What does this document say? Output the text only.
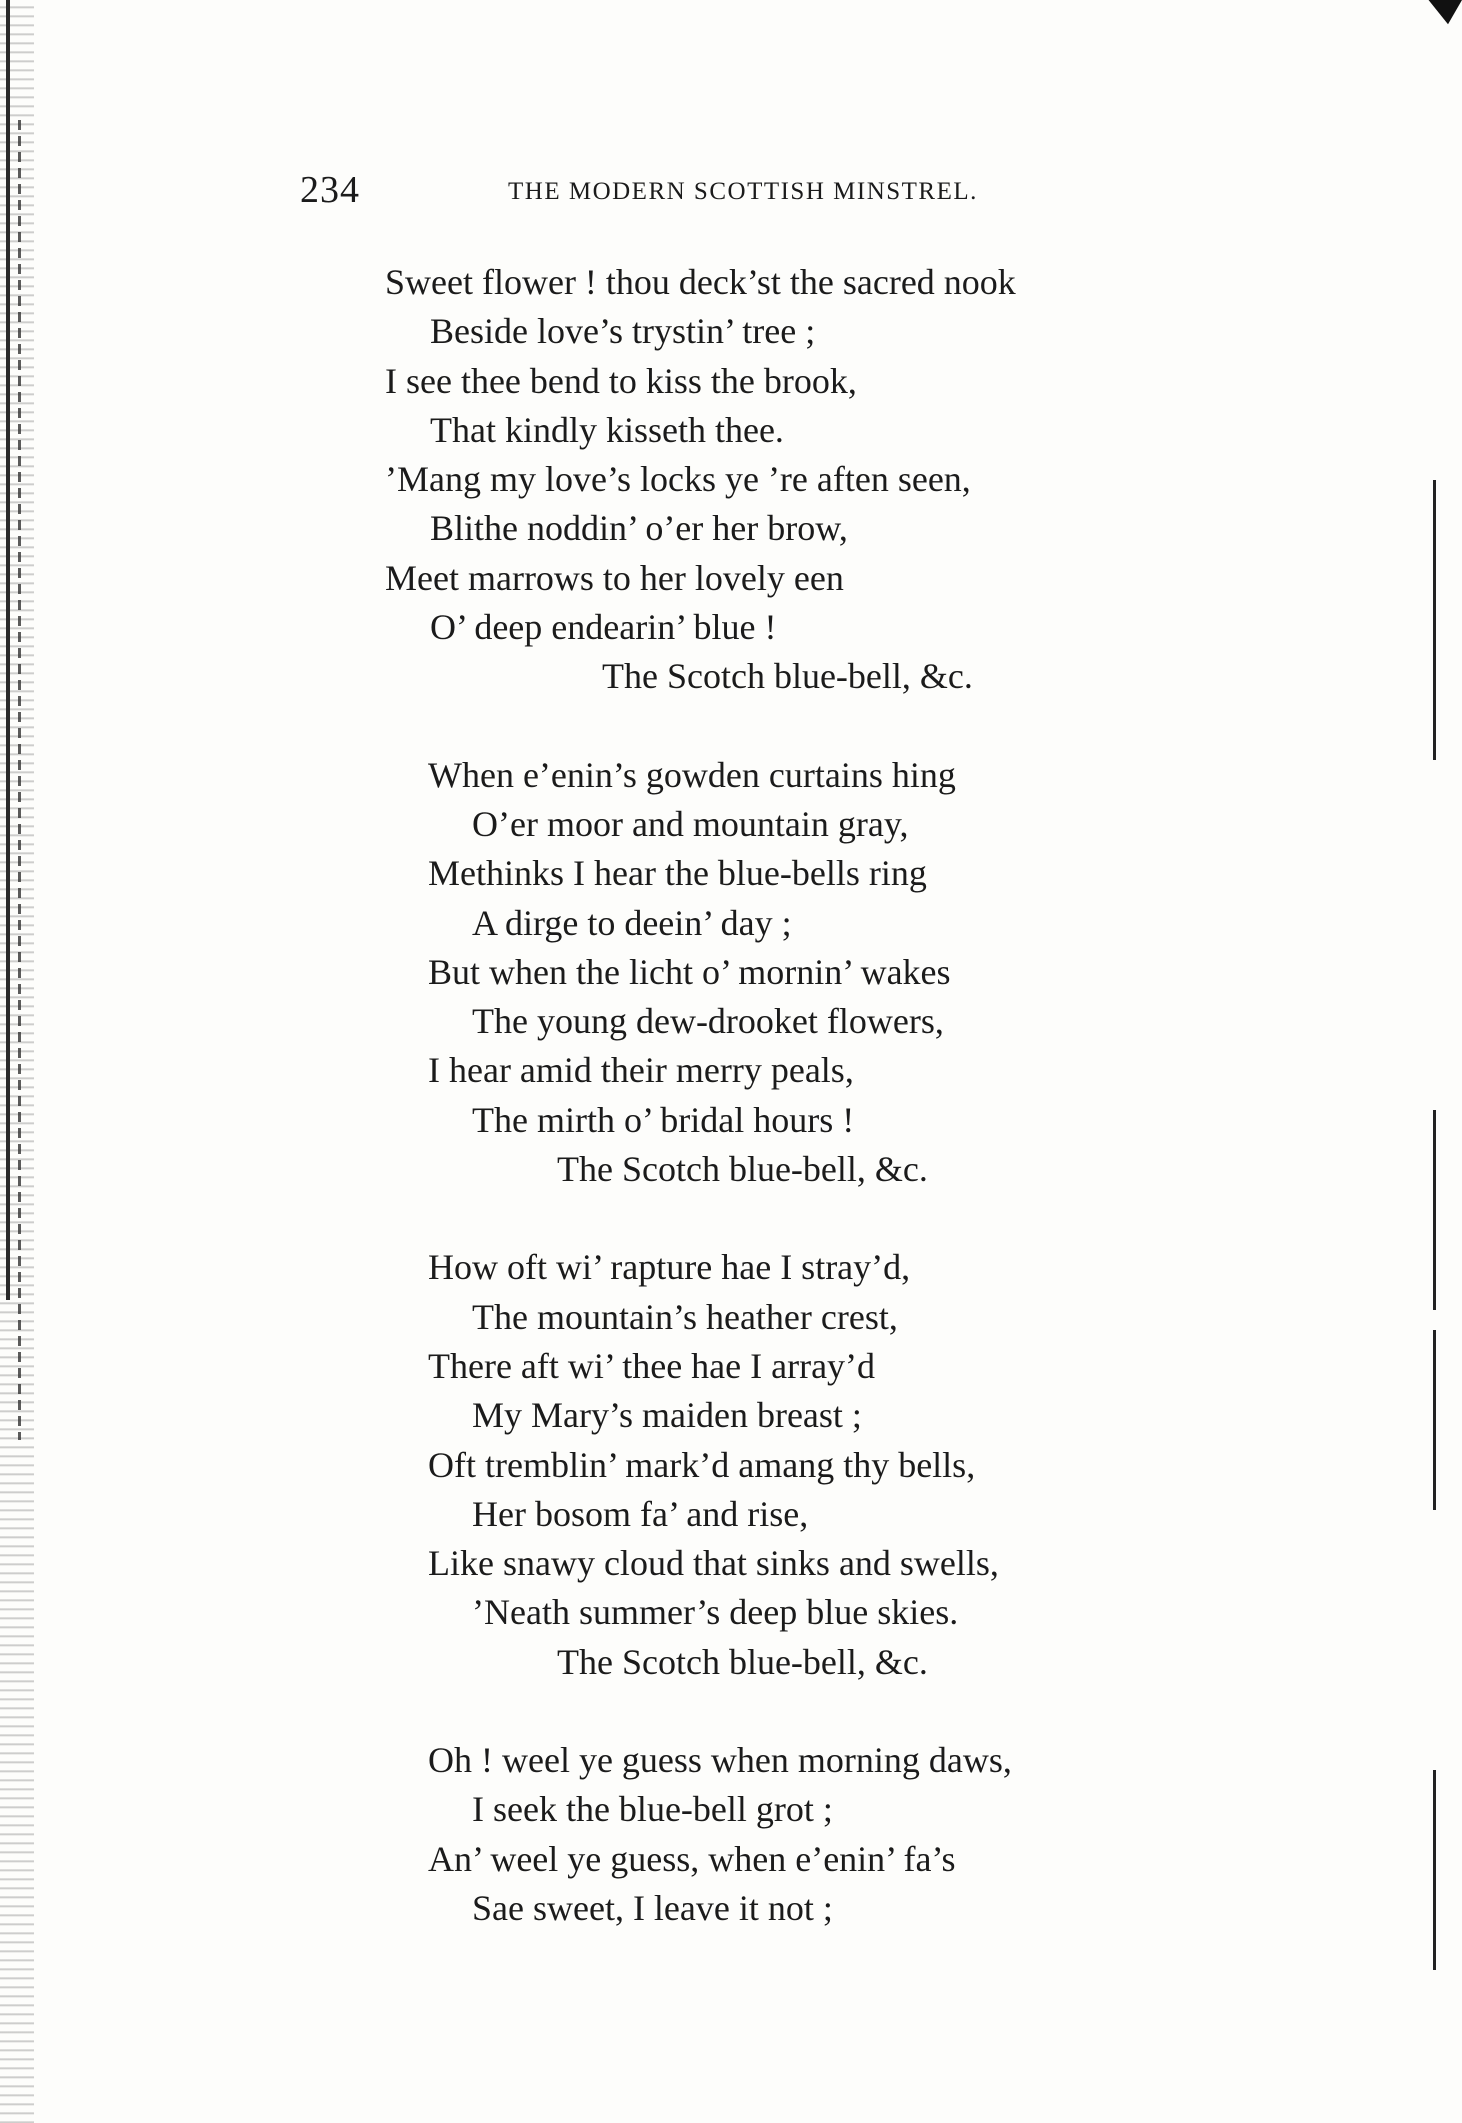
234	THE MODERN SCOTTISH MINSTREL.
Sweet flower ! thou deck’st the sacred nook
Beside love’s trystin’ tree ;
I see thee bend to kiss the brook,
That kindly kisseth thee.
’Mang my love’s locks ye ’re aften seen,
Blithe noddin’ o’er her brow,
Meet marrows to her lovely een
O’ deep endearin’ blue !
The Scotch blue-bell, &c.
When e’enin’s gowden curtains hing
O’er moor and mountain gray,
Methinks I hear the blue-bells ring
A dirge to deein’ day ;
But when the licht o’ mornin’ wakes
The young dew-drooket flowers,
I hear amid their merry peals,
The mirth o’ bridal hours !
The Scotch blue-bell, &c.
How oft wi’ rapture hae I stray’d,
The mountain’s heather crest,
There aft wi’ thee hae I array’d
My Mary’s maiden breast ;
Oft tremblin’ mark’d amang thy bells,
Her bosom fa’ and rise,
Like snawy cloud that sinks and swells,
’Neath summer’s deep blue skies.
The Scotch blue-bell, &c.
Oh ! weel ye guess when morning daws,
I seek the blue-bell grot ;
An’ weel ye guess, when e’enin’ fa’s
Sae sweet, I leave it not ;
